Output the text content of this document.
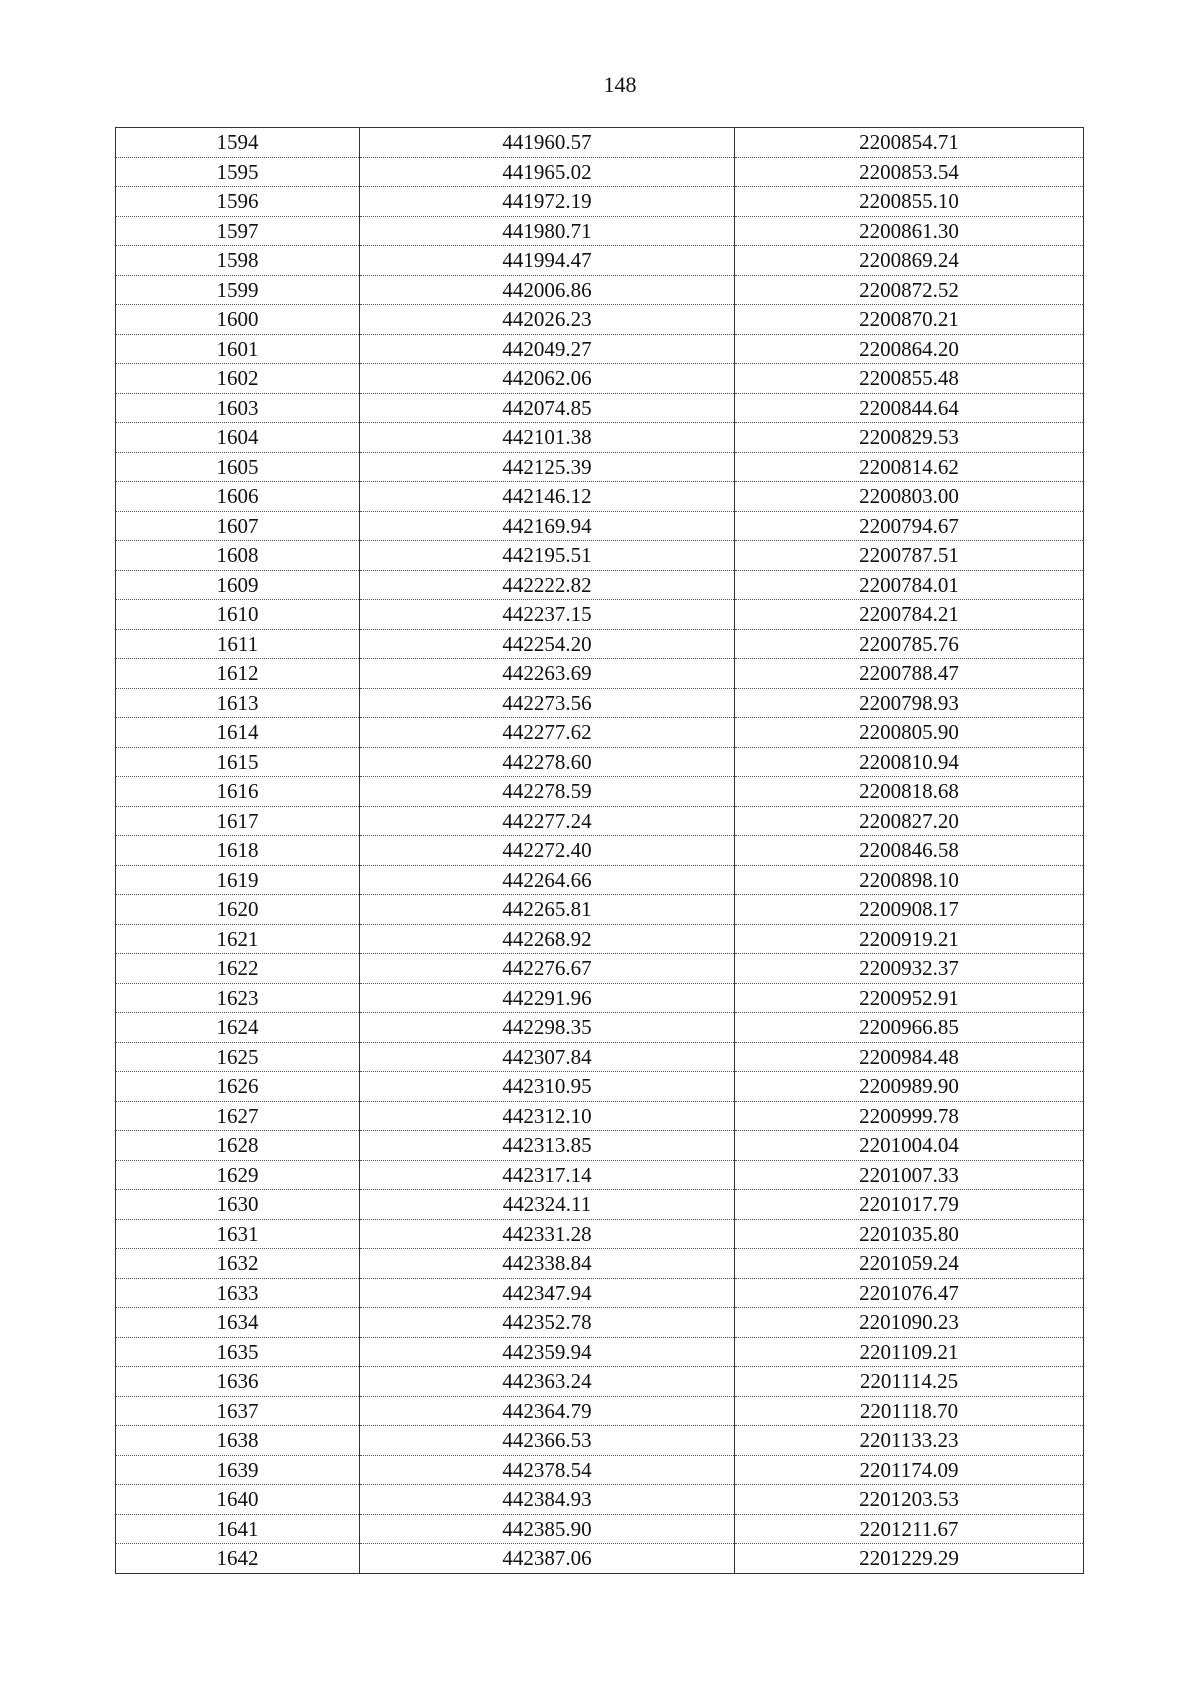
148
1594	441960.57	2200854.71
1595	441965.02	2200853.54
1596	441972.19	2200855.10
1597	441980.71	2200861.30
1598	441994.47	2200869.24
1599	442006.86	2200872.52
1600	442026.23	2200870.21
1601	442049.27	2200864.20
1602	442062.06	2200855.48
1603	442074.85	2200844.64
1604	442101.38	2200829.53
1605	442125.39	2200814.62
1606	442146.12	2200803.00
1607	442169.94	2200794.67
1608	442195.51	2200787.51
1609	442222.82	2200784.01
1610	442237.15	2200784.21
1611	442254.20	2200785.76
1612	442263.69	2200788.47
1613	442273.56	2200798.93
1614	442277.62	2200805.90
1615	442278.60	2200810.94
1616	442278.59	2200818.68
1617	442277.24	2200827.20
1618	442272.40	2200846.58
1619	442264.66	2200898.10
1620	442265.81	2200908.17
1621	442268.92	2200919.21
1622	442276.67	2200932.37
1623	442291.96	2200952.91
1624	442298.35	2200966.85
1625	442307.84	2200984.48
1626	442310.95	2200989.90
1627	442312.10	2200999.78
1628	442313.85	2201004.04
1629	442317.14	2201007.33
1630	442324.11	2201017.79
1631	442331.28	2201035.80
1632	442338.84	2201059.24
1633	442347.94	2201076.47
1634	442352.78	2201090.23
1635	442359.94	2201109.21
1636	442363.24	2201114.25
1637	442364.79	2201118.70
1638	442366.53	2201133.23
1639	442378.54	2201174.09
1640	442384.93	2201203.53
1641	442385.90	2201211.67
1642	442387.06	2201229.29
